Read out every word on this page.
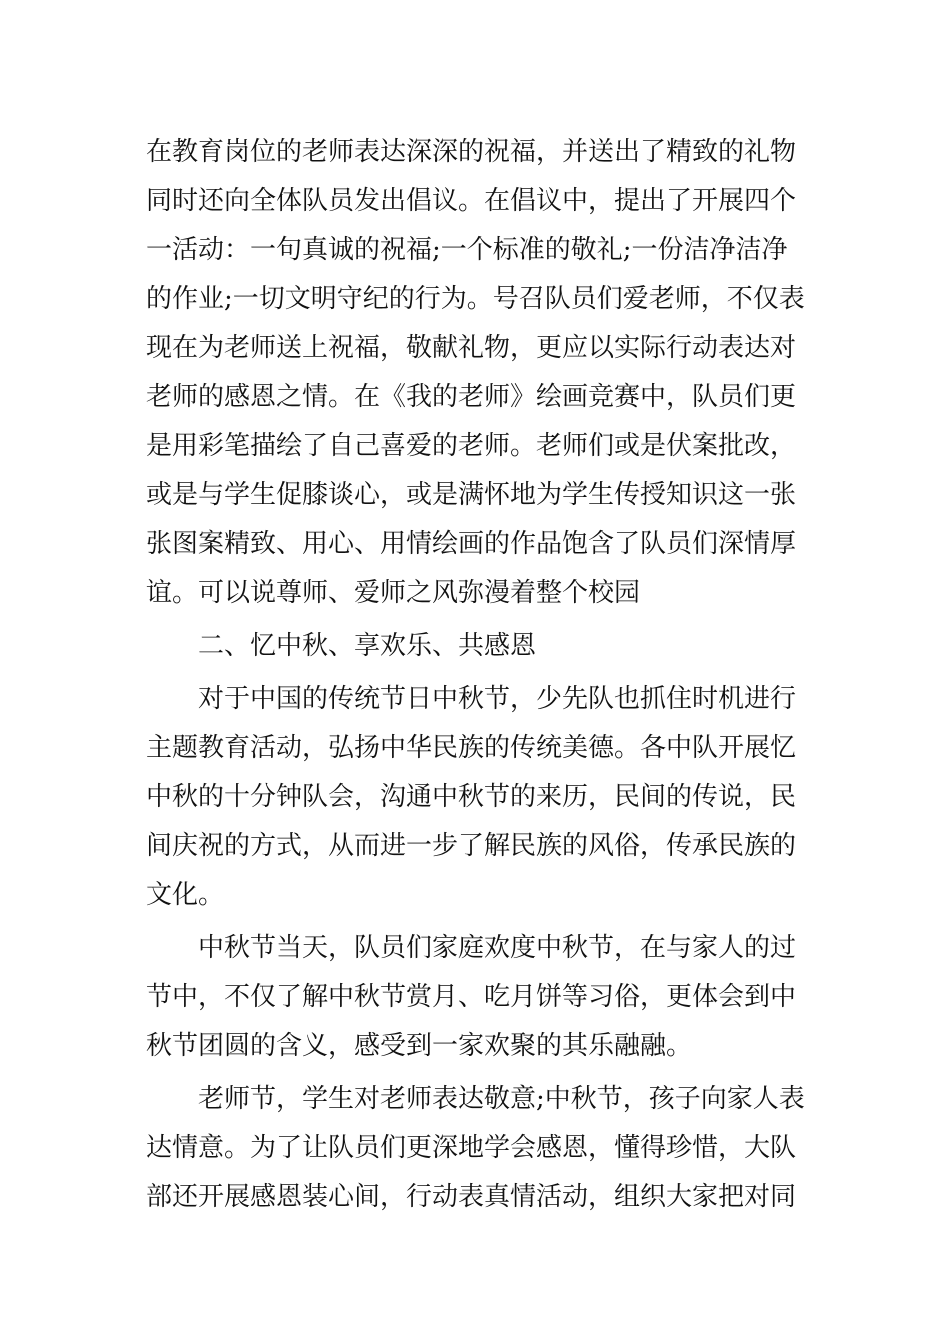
在教育岗位的老师表达深深的祝福，并送出了精致的礼物
同时还向全体队员发出倡议。在倡议中，提出了开展四个
一活动：一句真诚的祝福;一个标准的敬礼;一份洁净洁净
的作业;一切文明守纪的行为。号召队员们爱老师，不仅表
现在为老师送上祝福，敬献礼物，更应以实际行动表达对
老师的感恩之情。在《我的老师》绘画竞赛中，队员们更
是用彩笔描绘了自己喜爱的老师。老师们或是伏案批改，
或是与学生促膝谈心，或是满怀地为学生传授知识这一张
张图案精致、用心、用情绘画的作品饱含了队员们深情厚
谊。可以说尊师、爱师之风弥漫着整个校园
二、忆中秋、享欢乐、共感恩
对于中国的传统节日中秋节，少先队也抓住时机进行
主题教育活动，弘扬中华民族的传统美德。各中队开展忆
中秋的十分钟队会，沟通中秋节的来历，民间的传说，民
间庆祝的方式，从而进一步了解民族的风俗，传承民族的
文化。
中秋节当天，队员们家庭欢度中秋节，在与家人的过
节中，不仅了解中秋节赏月、吃月饼等习俗，更体会到中
秋节团圆的含义，感受到一家欢聚的其乐融融。
老师节，学生对老师表达敬意;中秋节，孩子向家人表
达情意。为了让队员们更深地学会感恩，懂得珍惜，大队
部还开展感恩装心间，行动表真情活动，组织大家把对同
